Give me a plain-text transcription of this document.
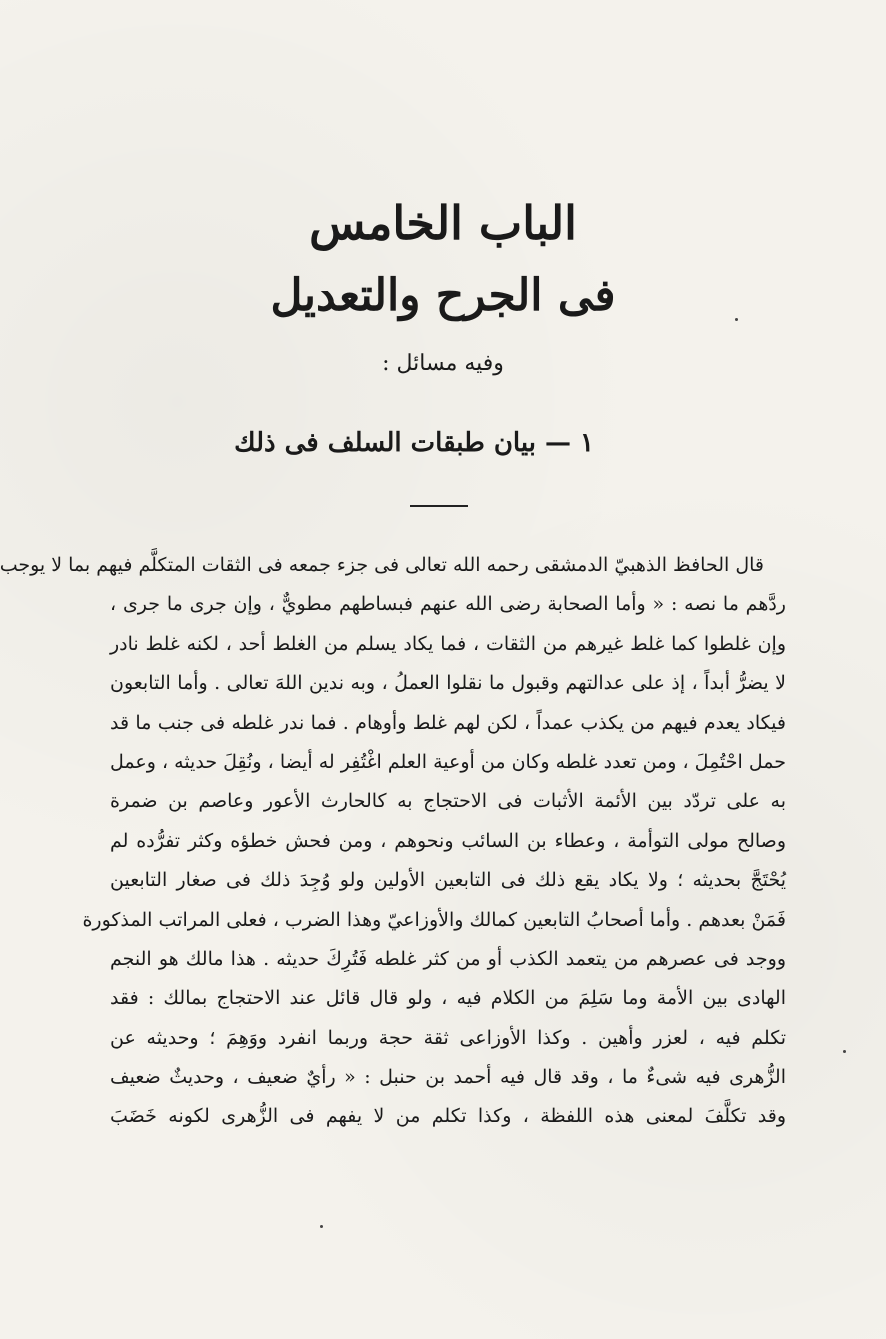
الباب الخامس
فى الجرح والتعديل
وفيه مسائل :
١ — بيان طبقات السلف فى ذلك
قال الحافظ الذهبيّ الدمشقى رحمه الله تعالى فى جزء جمعه فى الثقات المتكلَّم فيهم بما لا يوجب
ردَّهم ما نصه : « وأما الصحابة رضى الله عنهم فبساطهم مطويٌّ ، وإن جرى ما جرى ،
وإن غلطوا كما غلط غيرهم من الثقات ، فما يكاد يسلم من الغلط أحد ، لكنه غلط نادر
لا يضرُّ أبداً ، إذ على عدالتهم وقبول ما نقلوا العملُ ، وبه ندين اللهَ تعالى . وأما التابعون
فيكاد يعدم فيهم من يكذب عمداً ، لكن لهم غلط وأوهام . فما ندر غلطه فى جنب ما قد
حمل احْتُمِلَ ، ومن تعدد غلطه وكان من أوعية العلم اغْتُفِر له أيضا ، ونُقِلَ حديثه ، وعمل
به على تردّد بين الأئمة الأثبات فى الاحتجاج به كالحارث الأعور وعاصم بن ضمرة
وصالح مولى التوأمة ، وعطاء بن السائب ونحوهم ، ومن فحش خطؤه وكثر تفرُّده لم
يُحْتَجَّ بحديثه ؛ ولا يكاد يقع ذلك فى التابعين الأولين ولو وُجِدَ ذلك فى صغار التابعين
فَمَنْ بعدهم . وأما أصحابُ التابعين كمالك والأوزاعيّ وهذا الضرب ، فعلى المراتب المذكورة
ووجد فى عصرهم من يتعمد الكذب أو من كثر غلطه فَتُرِكَ حديثه . هذا مالك هو النجم
الهادى بين الأمة وما سَلِمَ من الكلام فيه ، ولو قال قائل عند الاحتجاج بمالك : فقد
تكلم فيه ، لعزر وأهين . وكذا الأوزاعى ثقة حجة وربما انفرد ووَهِمَ ؛ وحديثه عن
الزُّهرى فيه شىءٌ ما ، وقد قال فيه أحمد بن حنبل : « رأيٌ ضعيف ، وحديثٌ ضعيف
وقد تكلَّفَ لمعنى هذه اللفظة ، وكذا تكلم من لا يفهم فى الزُّهرى لكونه خَضَبَ
